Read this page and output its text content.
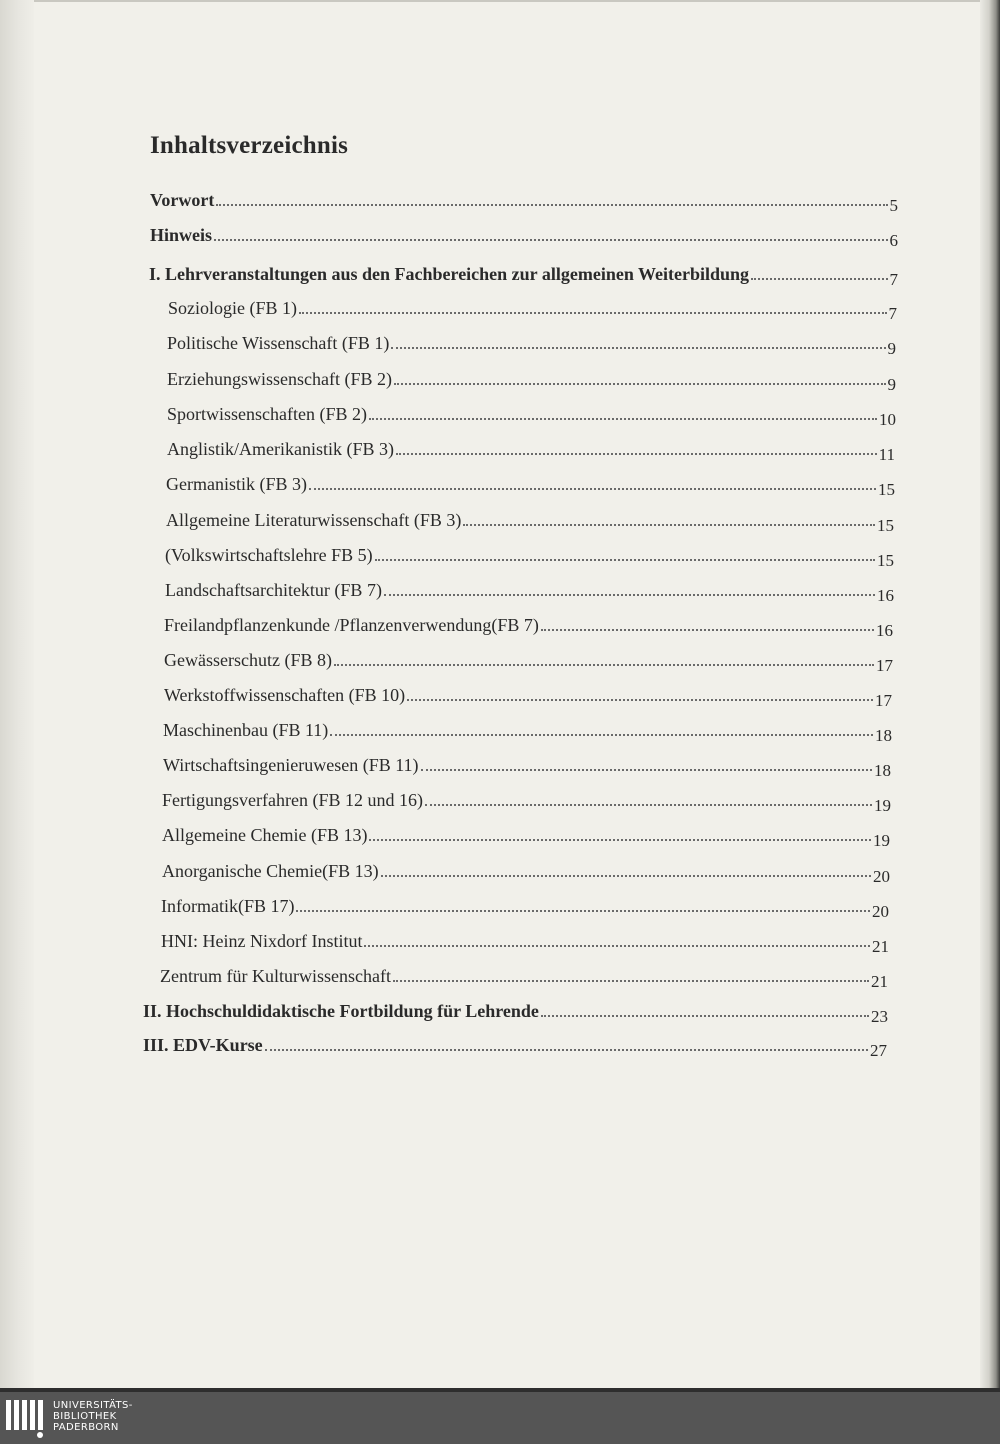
Inhaltsverzeichnis
Vorwort	5
Hinweis	6
I. Lehrveranstaltungen aus den Fachbereichen zur allgemeinen Weiterbildung	7
Soziologie (FB 1)	7
Politische Wissenschaft (FB 1)	9
Erziehungswissenschaft (FB 2)	9
Sportwissenschaften (FB 2)	10
Anglistik/Amerikanistik (FB 3)	11
Germanistik (FB 3)	15
Allgemeine Literaturwissenschaft (FB 3)	15
(Volkswirtschaftslehre FB 5)	15
Landschaftsarchitektur (FB 7)	16
Freilandpflanzenkunde /Pflanzenverwendung(FB 7)	16
Gewässerschutz (FB 8)	17
Werkstoffwissenschaften (FB 10)	17
Maschinenbau (FB 11)	18
Wirtschaftsingenieruwesen (FB 11)	18
Fertigungsverfahren (FB 12 und 16)	19
Allgemeine Chemie (FB 13)	19
Anorganische Chemie(FB 13)	20
Informatik(FB 17)	20
HNI: Heinz Nixdorf Institut	21
Zentrum für Kulturwissenschaft	21
II. Hochschuldidaktische Fortbildung für Lehrende	23
III. EDV-Kurse	27
UNIVERSITÄTS-
BIBLIOTHEK
PADERBORN
